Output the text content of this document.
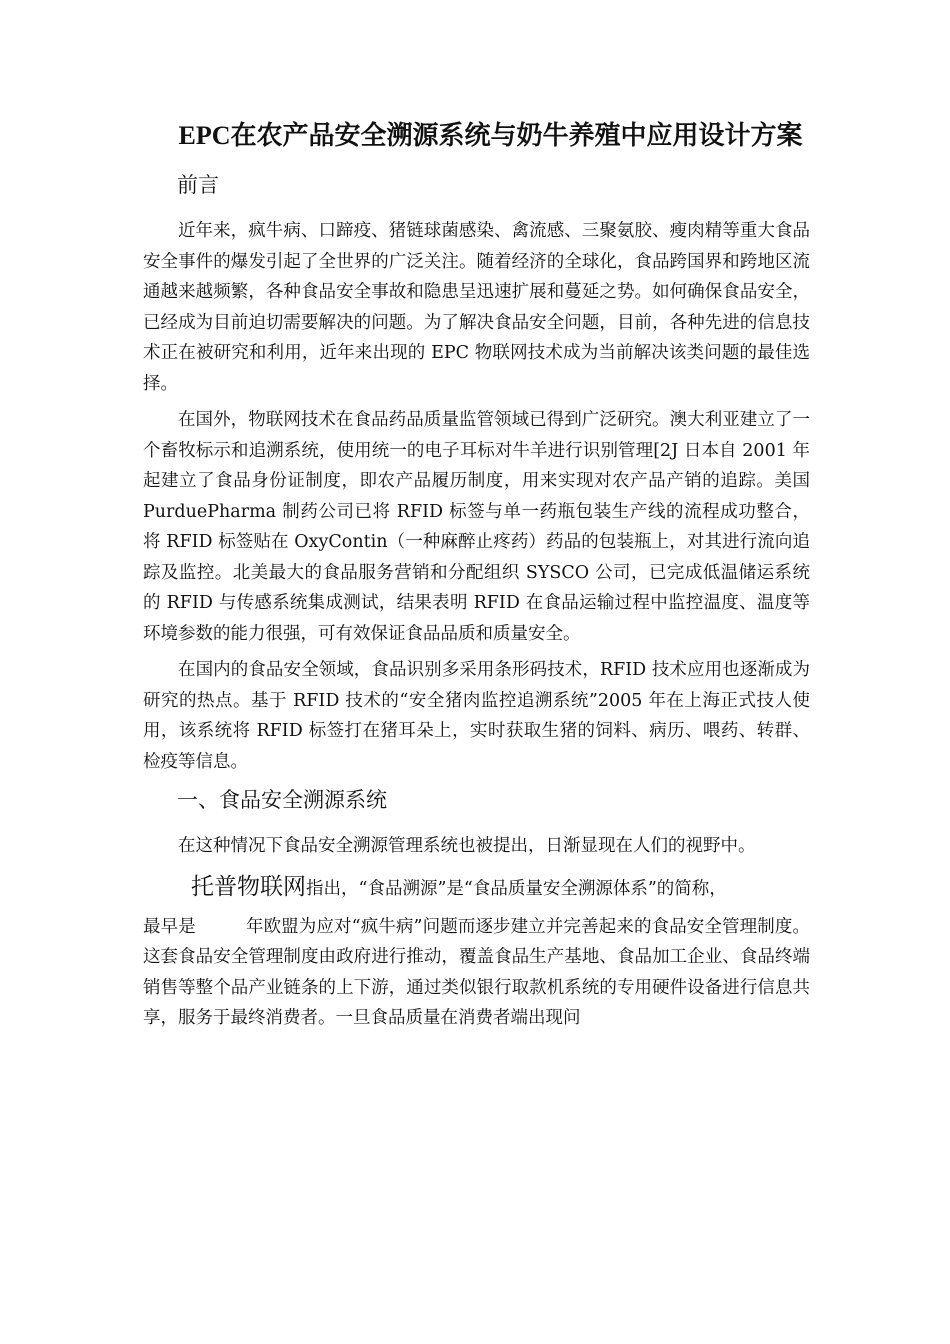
EPC在农产品安全溯源系统与奶牛养殖中应用设计方案
前言

近年来，疯牛病、口蹄疫、猪链球菌感染、禽流感、三聚氨胶、瘦肉精等重大食品安全事件的爆发引起了全世界的广泛关注。随着经济的全球化，食品跨国界和跨地区流通越来越频繁，各种食品安全事故和隐患呈迅速扩展和蔓延之势。如何确保食品安全，已经成为目前迫切需要解决的问题。为了解决食品安全问题，目前，各种先进的信息技术正在被研究和利用，近年来出现的 EPC 物联网技术成为当前解决该类问题的最佳选择。

在国外，物联网技术在食品药品质量监管领域已得到广泛研究。澳大利亚建立了一个畜牧标示和追溯系统，使用统一的电子耳标对牛羊进行识别管理[2J 日本自 2001 年起建立了食品身份证制度，即农产品履历制度，用来实现对农产品产销的追踪。美国 PurduePharma 制药公司已将 RFID 标签与单一药瓶包装生产线的流程成功整合，将 RFID 标签贴在 OxyContin（一种麻醉止疼药）药品的包装瓶上，对其进行流向追踪及监控。北美最大的食品服务营销和分配组织 SYSCO 公司，已完成低温储运系统的 RFID 与传感系统集成测试，结果表明 RFID 在食品运输过程中监控温度、温度等环境参数的能力很强，可有效保证食品品质和质量安全。

在国内的食品安全领域，食品识别多采用条形码技术，RFID 技术应用也逐渐成为研究的热点。基于 RFID 技术的“安全猪肉监控追溯系统”2005 年在上海正式技人使用，该系统将 RFID 标签打在猪耳朵上，实时获取生猪的饲料、病历、喂药、转群、检疫等信息。

一、食品安全溯源系统

在这种情况下食品安全溯源管理系统也被提出，日渐显现在人们的视野中。

托普物联网指出，“食品溯源”是“食品质量安全溯源体系”的简称，

最早是	年欧盟为应对“疯牛病”问题而逐步建立并完善起来的食品安全管理制度。这套食品安全管理制度由政府进行推动，覆盖食品生产基地、食品加工企业、食品终端销售等整个品产业链条的上下游，通过类似银行取款机系统的专用硬件设备进行信息共享，服务于最终消费者。一旦食品质量在消费者端出现问
